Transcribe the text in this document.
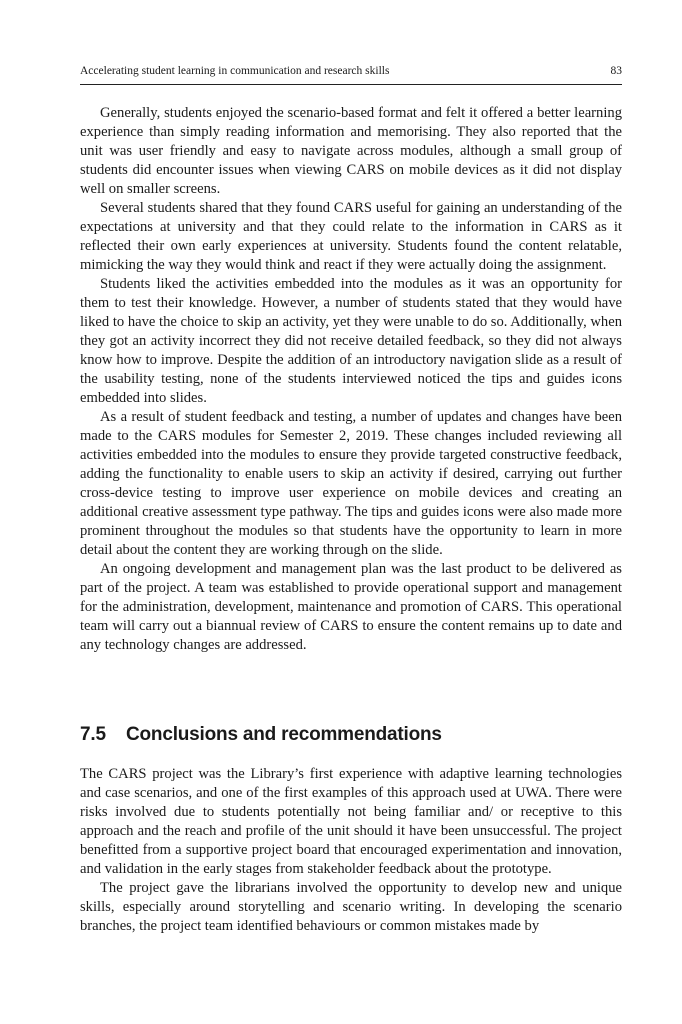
Accelerating student learning in communication and research skills	83

Generally, students enjoyed the scenario-based format and felt it offered a better learning experience than simply reading information and memorising. They also reported that the unit was user friendly and easy to navigate across modules, although a small group of students did encounter issues when viewing CARS on mobile devices as it did not display well on smaller screens.

Several students shared that they found CARS useful for gaining an understanding of the expectations at university and that they could relate to the information in CARS as it reflected their own early experiences at university. Students found the content relatable, mimicking the way they would think and react if they were actually doing the assignment.

Students liked the activities embedded into the modules as it was an opportunity for them to test their knowledge. However, a number of students stated that they would have liked to have the choice to skip an activity, yet they were unable to do so. Additionally, when they got an activity incorrect they did not receive detailed feedback, so they did not always know how to improve. Despite the addition of an introductory navigation slide as a result of the usability testing, none of the students interviewed noticed the tips and guides icons embedded into slides.

As a result of student feedback and testing, a number of updates and changes have been made to the CARS modules for Semester 2, 2019. These changes included reviewing all activities embedded into the modules to ensure they provide targeted constructive feedback, adding the functionality to enable users to skip an activity if desired, carrying out further cross-device testing to improve user experience on mobile devices and creating an additional creative assessment type pathway. The tips and guides icons were also made more prominent throughout the modules so that students have the opportunity to learn in more detail about the content they are working through on the slide.

An ongoing development and management plan was the last product to be delivered as part of the project. A team was established to provide operational support and management for the administration, development, maintenance and promotion of CARS. This operational team will carry out a biannual review of CARS to ensure the content remains up to date and any technology changes are addressed.

7.5 Conclusions and recommendations

The CARS project was the Library’s first experience with adaptive learning technologies and case scenarios, and one of the first examples of this approach used at UWA. There were risks involved due to students potentially not being familiar and/ or receptive to this approach and the reach and profile of the unit should it have been unsuccessful. The project benefitted from a supportive project board that encouraged experimentation and innovation, and validation in the early stages from stakeholder feedback about the prototype.

The project gave the librarians involved the opportunity to develop new and unique skills, especially around storytelling and scenario writing. In developing the scenario branches, the project team identified behaviours or common mistakes made by
